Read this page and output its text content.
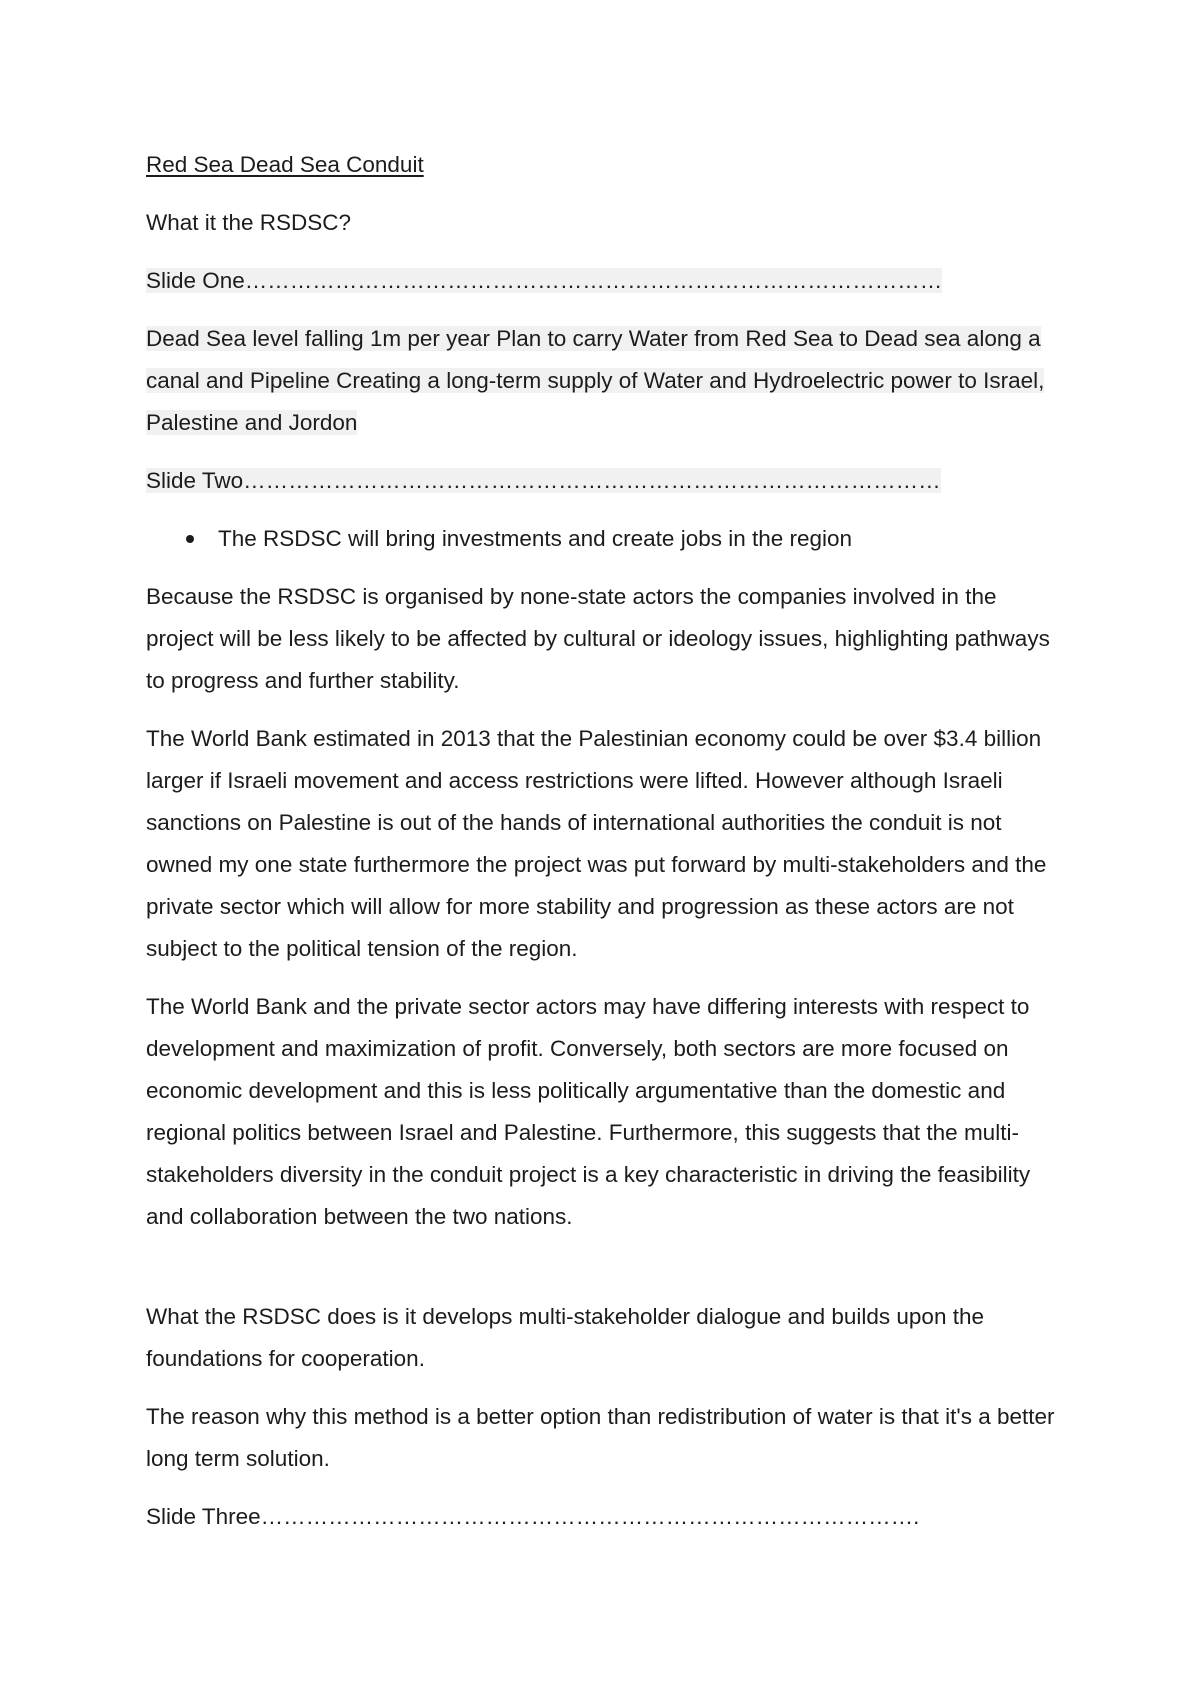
Red Sea Dead Sea Conduit

What it the RSDSC?

Slide One…………………………………………………………………………………

Dead Sea level falling 1m per year Plan to carry Water from Red Sea to Dead sea along a canal and Pipeline Creating a long-term supply of Water and Hydroelectric power to Israel, Palestine and Jordon

Slide Two…………………………………………………………………………………

The RSDSC will bring investments and create jobs in the region

Because the RSDSC is organised by none-state actors the companies involved in the project will be less likely to be affected by cultural or ideology issues, highlighting pathways to progress and further stability.

The World Bank estimated in 2013 that the Palestinian economy could be over $3.4 billion larger if Israeli movement and access restrictions were lifted. However although Israeli sanctions on Palestine is out of the hands of international authorities the conduit is not owned my one state furthermore the project was put forward by multi-stakeholders and the private sector which will allow for more stability and progression as these actors are not subject to the political tension of the region.

The World Bank and the private sector actors may have differing interests with respect to development and maximization of profit. Conversely, both sectors are more focused on economic development and this is less politically argumentative than the domestic and regional politics between Israel and Palestine. Furthermore, this suggests that the multi-stakeholders diversity in the conduit project is a key characteristic in driving the feasibility and collaboration between the two nations.

What the RSDSC does is it develops multi-stakeholder dialogue and builds upon the foundations for cooperation.

The reason why this method is a better option than redistribution of water is that it's a better long term solution.

Slide Three…………………………………………………………………………….
